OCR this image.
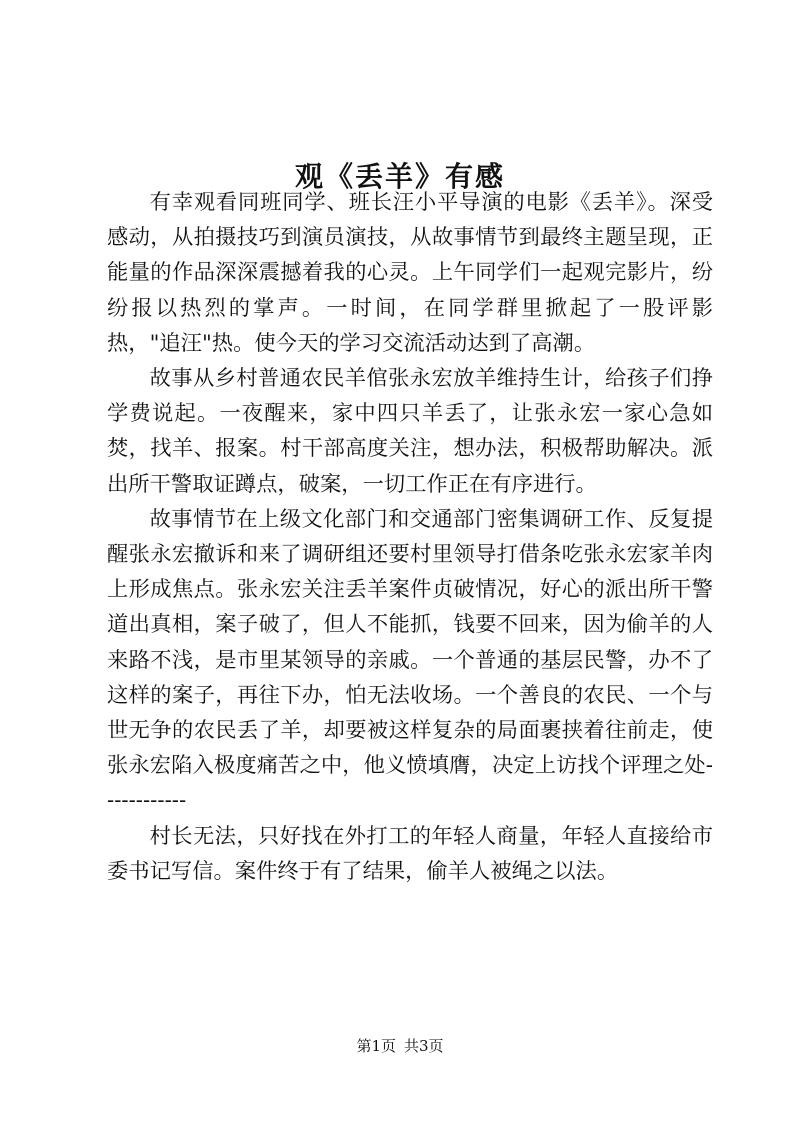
观《丢羊》有感

有幸观看同班同学、班长汪小平导演的电影《丢羊》。深受感动，从拍摄技巧到演员演技，从故事情节到最终主题呈现，正能量的作品深深震撼着我的心灵。上午同学们一起观完影片，纷纷报以热烈的掌声。一时间，在同学群里掀起了一股评影热，"追汪"热。使今天的学习交流活动达到了高潮。

故事从乡村普通农民羊倌张永宏放羊维持生计，给孩子们挣学费说起。一夜醒来，家中四只羊丢了，让张永宏一家心急如焚，找羊、报案。村干部高度关注，想办法，积极帮助解决。派出所干警取证蹲点，破案，一切工作正在有序进行。

故事情节在上级文化部门和交通部门密集调研工作、反复提醒张永宏撤诉和来了调研组还要村里领导打借条吃张永宏家羊肉上形成焦点。张永宏关注丢羊案件贞破情况，好心的派出所干警道出真相，案子破了，但人不能抓，钱要不回来，因为偷羊的人来路不浅，是市里某领导的亲戚。一个普通的基层民警，办不了这样的案子，再往下办，怕无法收场。一个善良的农民、一个与世无争的农民丢了羊，却要被这样复杂的局面裹挟着往前走，使张永宏陷入极度痛苦之中，他义愤填膺，决定上访找个评理之处------------

村长无法，只好找在外打工的年轻人商量，年轻人直接给市委书记写信。案件终于有了结果，偷羊人被绳之以法。

第1页 共3页
